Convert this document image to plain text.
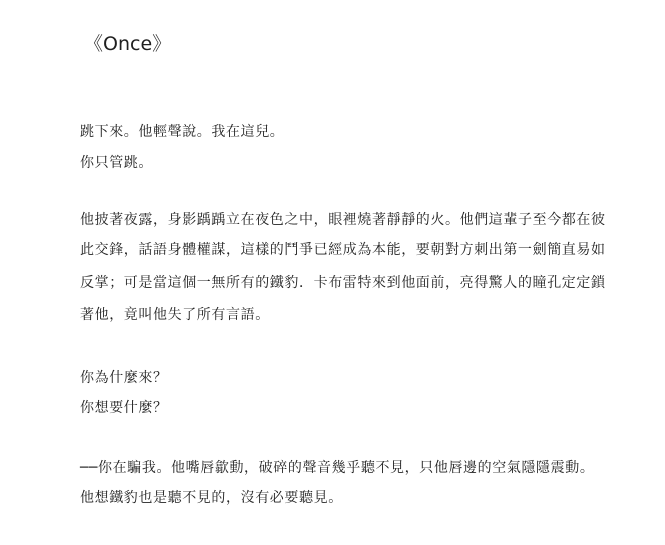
《Once》
跳下來。他輕聲說。我在這兒。
你只管跳。
他披著夜露，身影踽踽立在夜色之中，眼裡燒著靜靜的火。他們這輩子至今都在彼
此交鋒，話語身體權謀，這樣的鬥爭已經成為本能，要朝對方刺出第一劍簡直易如
反掌；可是當這個一無所有的鐵豹．卡布雷特來到他面前，亮得驚人的瞳孔定定鎖
著他，竟叫他失了所有言語。
你為什麼來？
你想要什麼？
──你在騙我。他嘴唇歙動，破碎的聲音幾乎聽不見，只他唇邊的空氣隱隱震動。
他想鐵豹也是聽不見的，沒有必要聽見。
